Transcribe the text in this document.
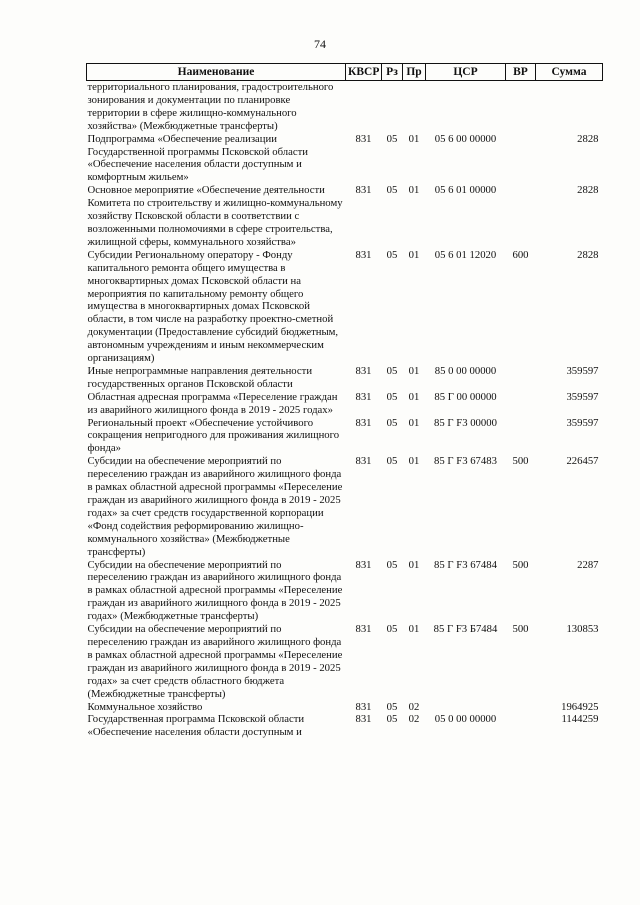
74
Наименование	КВСР	Рз	Пр	ЦСР	ВР	Сумма
территориального планирования, градостроительного зонирования и документации по планировке территории в сфере жилищно-коммунального хозяйства» (Межбюджетные трансферты)						
Подпрограмма «Обеспечение реализации Государственной программы Псковской области «Обеспечение населения области доступным и комфортным жильем»	831	05	01	05 6 00 00000		2828
Основное мероприятие «Обеспечение деятельности Комитета по строительству и жилищно-коммунальному хозяйству Псковской области в соответствии с возложенными полномочиями в сфере строительства, жилищной сферы, коммунального хозяйства»	831	05	01	05 6 01 00000		2828
Субсидии Региональному оператору - Фонду капитального ремонта общего имущества в многоквартирных домах Псковской области на мероприятия по капитальному ремонту общего имущества в многоквартирных домах Псковской области, в том числе на разработку проектно-сметной документации (Предоставление субсидий бюджетным, автономным учреждениям и иным некоммерческим организациям)	831	05	01	05 6 01 12020	600	2828
Иные непрограммные направления деятельности государственных органов Псковской области	831	05	01	85 0 00 00000		359597
Областная адресная программа «Переселение граждан из аварийного жилищного фонда в 2019 - 2025 годах»	831	05	01	85 Г 00 00000		359597
Региональный проект «Обеспечение устойчивого сокращения непригодного для проживания жилищного фонда»	831	05	01	85 Г F3 00000		359597
Субсидии на обеспечение мероприятий по переселению граждан из аварийного жилищного фонда в рамках областной адресной программы «Переселение граждан из аварийного жилищного фонда в 2019 - 2025 годах» за счет средств государственной корпорации «Фонд содействия реформированию жилищно-коммунального хозяйства» (Межбюджетные трансферты)	831	05	01	85 Г F3 67483	500	226457
Субсидии на обеспечение мероприятий по переселению граждан из аварийного жилищного фонда в рамках областной адресной программы «Переселение граждан из аварийного жилищного фонда в 2019 - 2025 годах» (Межбюджетные трансферты)	831	05	01	85 Г F3 67484	500	2287
Субсидии на обеспечение мероприятий по переселению граждан из аварийного жилищного фонда в рамках областной адресной программы «Переселение граждан из аварийного жилищного фонда в 2019 - 2025 годах» за счет средств областного бюджета (Межбюджетные трансферты)	831	05	01	85 Г F3 Б7484	500	130853
Коммунальное хозяйство	831	05	02			1964925
Государственная программа Псковской области «Обеспечение населения области доступным и	831	05	02	05 0 00 00000		1144259
